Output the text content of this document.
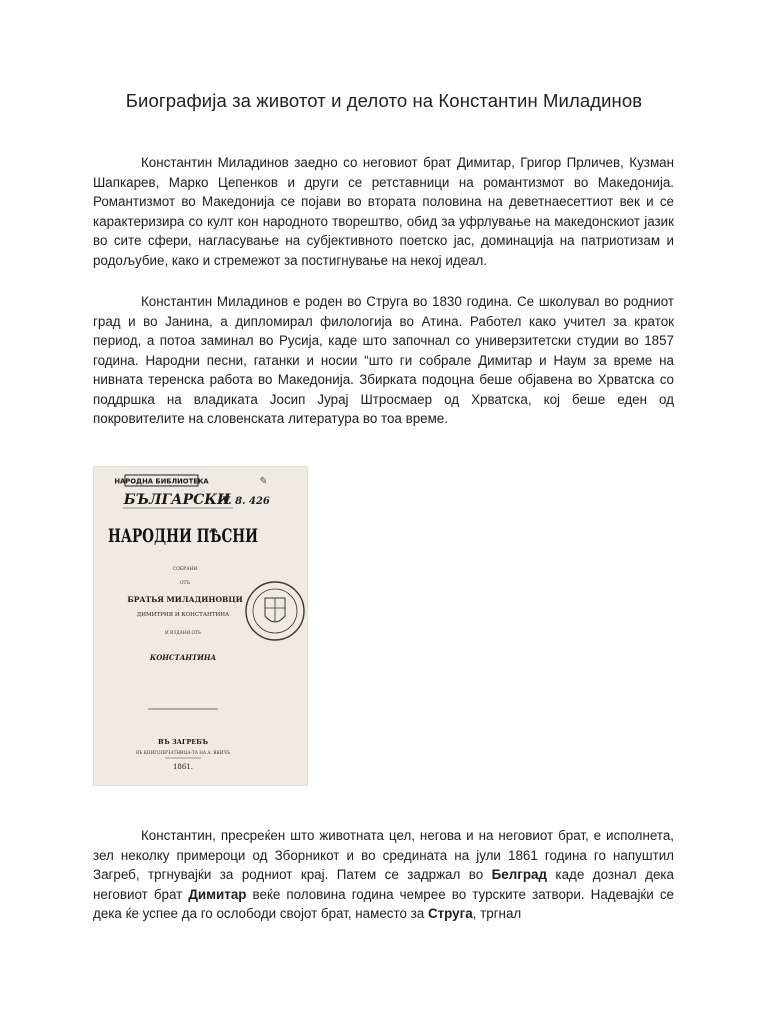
Биографија за животот и делото на Константин Миладинов
Константин Миладинов заедно со неговиот брат Димитар, Григор Прличев, Кузман Шапкарев, Марко Цепенков и други се ретставници на романтизмот во Македонија. Романтизмот во Македонија се појави во втората половина на деветнаесеттиот век и се карактеризира со култ кон народното творештво, обид за уфрлување на македонскиот јазик во сите сфери, нагласување на субјективното поетско јас, доминација на патриотизам и родољубие, како и стремежот за постигнување на некој идеал.
Константин Миладинов е роден во Струга во 1830 година. Се школувал во родниот град и во Јанина, а дипломирал филологија во Атина. Работел како учител за краток период, а потоа заминал во Русија, каде што започнал со универзитетски студии во 1857 година. Народни песни, гатанки и носии “што ги собрале Димитар и Наум за време на нивната теренска работа во Македонија. Збирката подоцна беше објавена во Хрватска со поддршка на владиката Јосип Јурај Штросмаер од Хрватска, кој беше еден од покровителите на словенската литература во тоа време.
НАРОДНА БИБЛИОТЕКА	✎
V. 8. 426
БЪЛГАРСКИ
НАРОДНИ ПѢСНИ
СОБРАНИ
ОТЪ
БРАТЬЯ МИЛАДИНОВЦИ
ДИМИТРИЯ И КОНСТАНТИНА
И ИЗДАНИ ОТЪ
КОНСТАНТИНА
ВЪ ЗАГРЕБЪ
ВЪ КНИГОПЕЧАТНИЦА-ТА НА А. ЯКИЧЪ
1861.
Константин, пресреќен што животната цел, негова и на неговиот брат, е исполнета, зел неколку примероци од Зборникот и во средината на јули 1861 година го напуштил Загреб, тргнувајќи за родниот крај. Патем се задржал во Белград каде дознал дека неговиот брат Димитар веќе половина година чемрее во турските затвори. Надевајќи се дека ќе успее да го ослободи својот брат, наместо за Струга, тргнал
